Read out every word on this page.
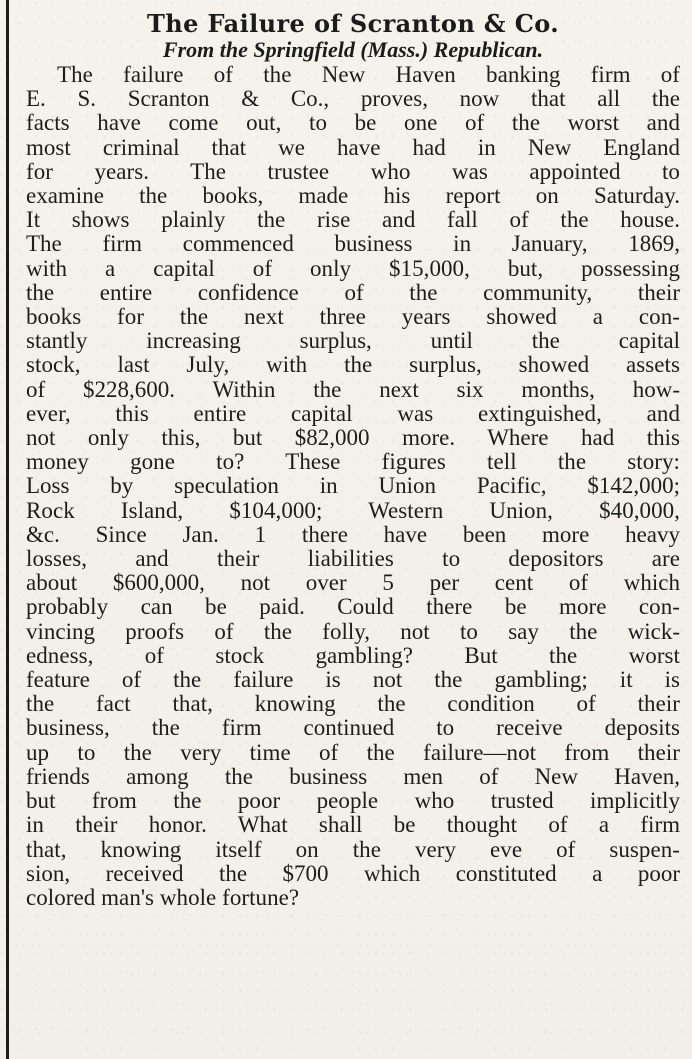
The Failure of Scranton & Co.
From the Springfield (Mass.) Republican.
The failure of the New Haven banking firm of
E. S. Scranton & Co., proves, now that all the
facts have come out, to be one of the worst and
most criminal that we have had in New England
for years. The trustee who was appointed to
examine the books, made his report on Saturday.
It shows plainly the rise and fall of the house.
The firm commenced business in January, 1869,
with a capital of only $15,000, but, possessing
the entire confidence of the community, their
books for the next three years showed a con-
stantly increasing surplus, until the capital
stock, last July, with the surplus, showed assets
of $228,600. Within the next six months, how-
ever, this entire capital was extinguished, and
not only this, but $82,000 more. Where had this
money gone to? These figures tell the story:
Loss by speculation in Union Pacific, $142,000;
Rock Island, $104,000; Western Union, $40,000,
&c. Since Jan. 1 there have been more heavy
losses, and their liabilities to depositors are
about $600,000, not over 5 per cent of which
probably can be paid. Could there be more con-
vincing proofs of the folly, not to say the wick-
edness, of stock gambling? But the worst
feature of the failure is not the gambling; it is
the fact that, knowing the condition of their
business, the firm continued to receive deposits
up to the very time of the failure—not from their
friends among the business men of New Haven,
but from the poor people who trusted implicitly
in their honor. What shall be thought of a firm
that, knowing itself on the very eve of suspen-
sion, received the $700 which constituted a poor
colored man's whole fortune?
